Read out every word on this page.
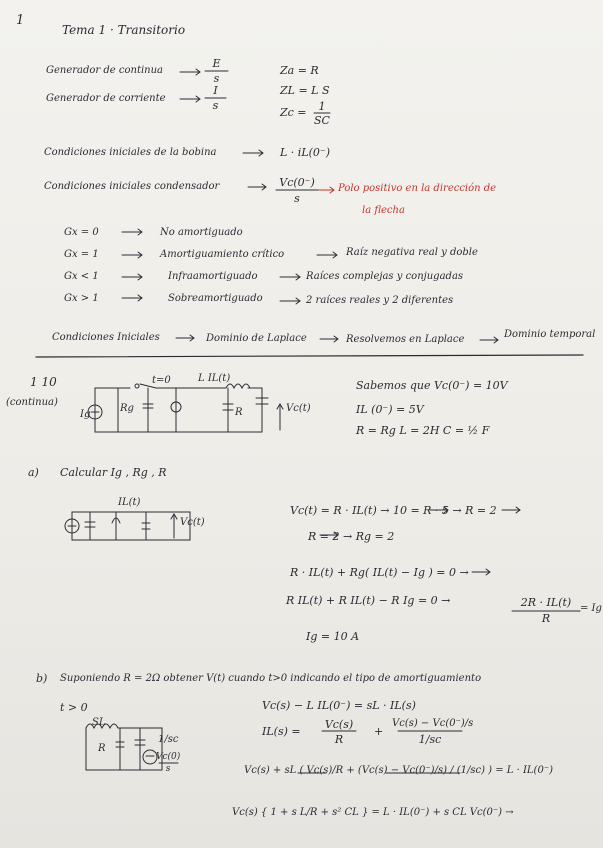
1
Tema 1 · Transitorio
Generador de continua
E
s
Generador de corriente
I
s
Za = R
ZL = L S
Zc =	1
SC
Condiciones iniciales de la bobina	L · iL(0⁻)
Condiciones iniciales condensador	Vc(0⁻)
s
Polo positivo en la dirección de
la flecha
Gx = 0	No amortiguado
Gx = 1	Amortiguamiento crítico	Raíz negativa real y doble
Gx < 1	Infraamortiguado	Raíces complejas y conjugadas
Gx > 1	Sobreamortiguado	2 raíces reales y 2 diferentes
Condiciones Iniciales	Dominio de Laplace	Resolvemos en Laplace	Dominio temporal
1 10
(continua)
t=0	L IL(t)
Vc(t)
Ig
Rg	R
Sabemos que Vc(0⁻) = 10V
IL (0⁻) = 5V
R = Rg L = 2H C = ½ F
a) Calcular Ig , Rg , R
IL(t)
Vc(t)
Vc(t) = R · IL(t) → 10 = R · 5 → R = 2
R = 2 → Rg = 2
R · IL(t) + Rg( IL(t) − Ig ) = 0 →
R IL(t) + R IL(t) − R Ig = 0 →	2R · IL(t)
R
= Ig
Ig = 10 A
b) Suponiendo R = 2Ω obtener V(t) cuando t>0 indicando el tipo de amortiguamiento
t > 0
SL
R
1/sc
Vc(0)
s
Vc(s) − L IL(0⁻) = sL · IL(s)
IL(s) =
Vc(s)
R
+
Vc(s) − Vc(0⁻)/s
1/sc
Vc(s) + sL ( Vc(s)/R + (Vc(s) − Vc(0⁻)/s) / (1/sc) ) = L · IL(0⁻)
Vc(s) { 1 + s L/R + s² CL } = L · IL(0⁻) + s CL Vc(0⁻) →
